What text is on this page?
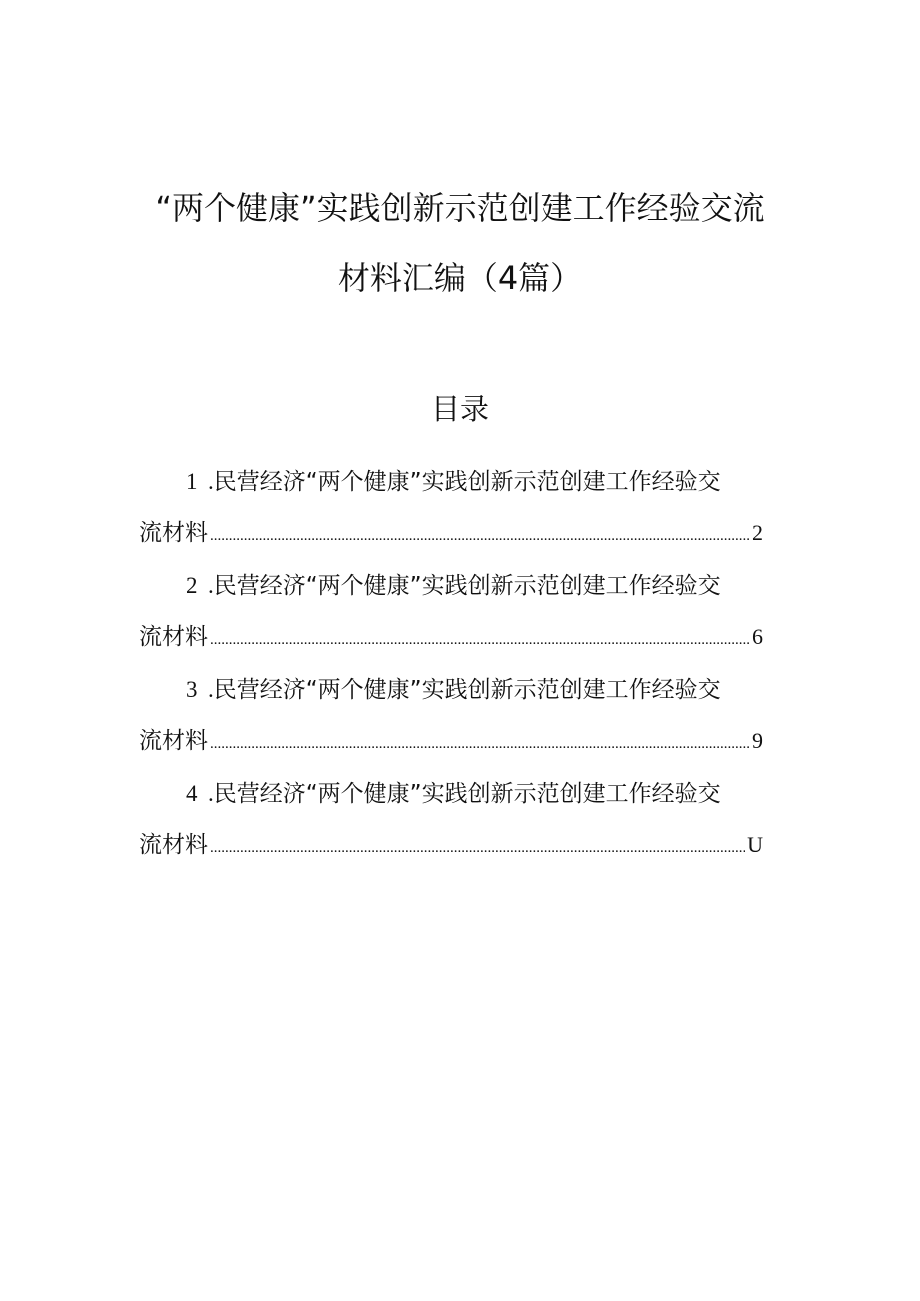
“两个健康”实践创新示范创建工作经验交流
材料汇编（4篇）
目录
1 .民营经济“两个健康”实践创新示范创建工作经验交
流材料 .....	2
2 .民营经济“两个健康”实践创新示范创建工作经验交
流材料 .....	6
3 .民营经济“两个健康”实践创新示范创建工作经验交
流材料 .....	9
4 .民营经济“两个健康”实践创新示范创建工作经验交
流材料 .....	U
